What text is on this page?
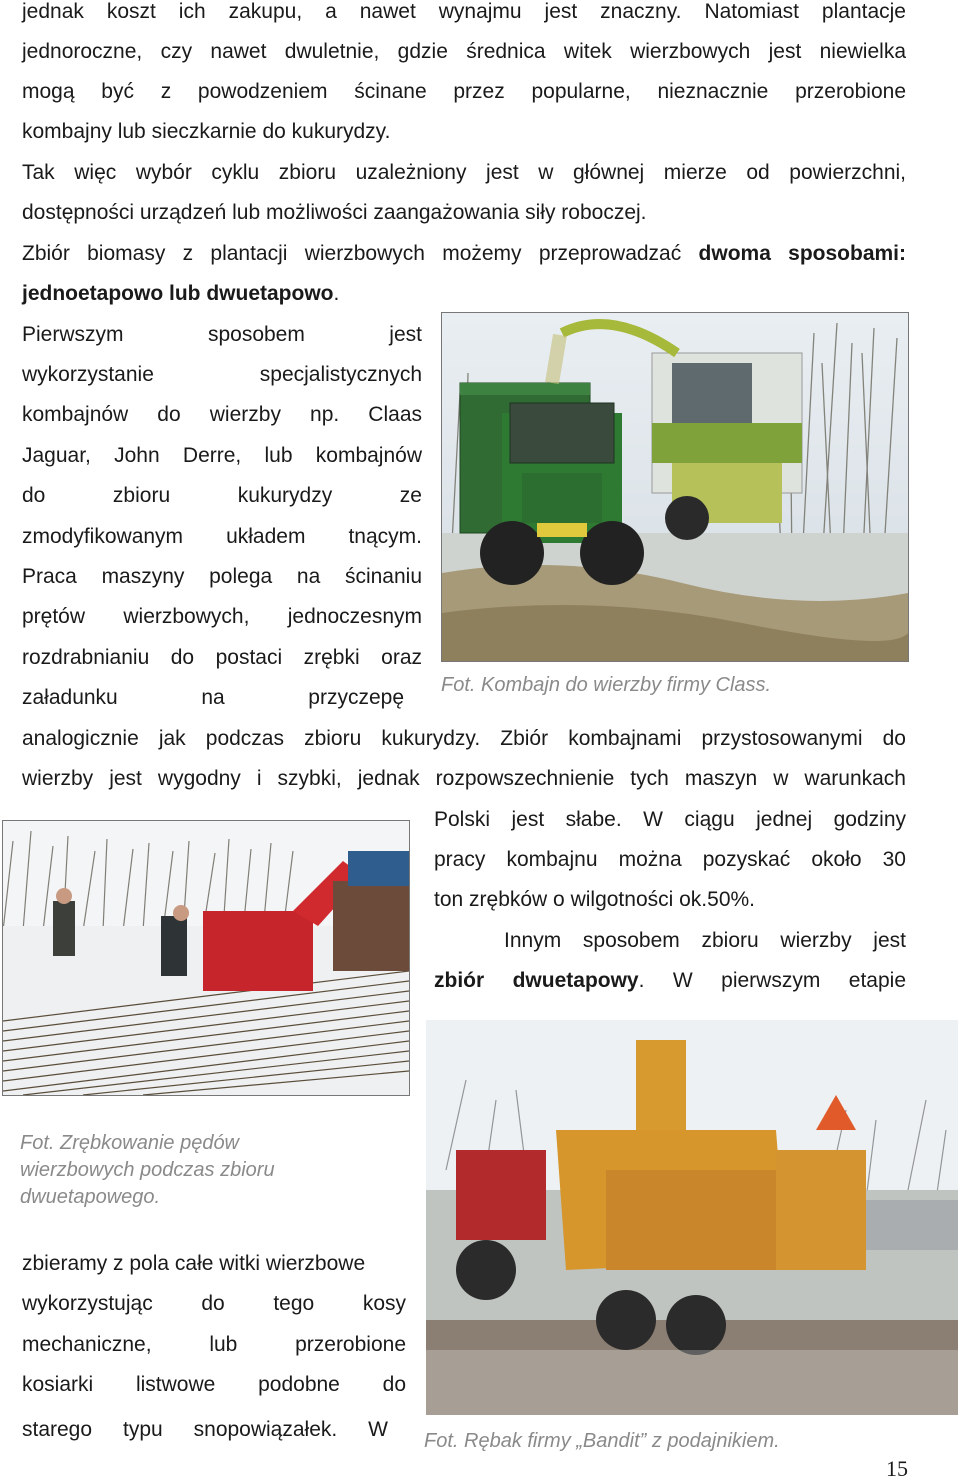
jednak koszt ich zakupu, a nawet wynajmu jest znaczny. Natomiast plantacje
jednoroczne, czy nawet dwuletnie, gdzie średnica witek wierzbowych jest niewielka
mogą być z powodzeniem ścinane przez popularne, nieznacznie przerobione
kombajny lub sieczkarnie do kukurydzy.
Tak więc wybór cyklu zbioru uzależniony jest w głównej mierze od powierzchni,
dostępności urządzeń lub możliwości zaangażowania siły roboczej.
Zbiór biomasy z plantacji wierzbowych możemy przeprowadzać dwoma sposobami:
jednoetapowo lub dwuetapowo.
Pierwszym sposobem jest
wykorzystanie specjalistycznych
kombajnów do wierzby np. Claas
Jaguar, John Derre, lub kombajnów
do zbioru kukurydzy ze
zmodyfikowanym układem tnącym.
Praca maszyny polega na ścinaniu
prętów wierzbowych, jednoczesnym
rozdrabnianiu do postaci zrębki oraz
załadunku na przyczepę
Fot. Kombajn do wierzby firmy Class.
analogicznie jak podczas zbioru kukurydzy. Zbiór kombajnami przystosowanymi do
wierzby jest wygodny i szybki, jednak rozpowszechnienie tych maszyn w warunkach
Polski jest słabe. W ciągu jednej godziny
pracy kombajnu można pozyskać około 30
ton zrębków o wilgotności ok.50%.
Innym sposobem zbioru wierzby jest
zbiór dwuetapowy. W pierwszym etapie
Fot. Zrębkowanie pędów
wierzbowych podczas zbioru
dwuetapowego.
zbieramy z pola całe witki wierzbowe
wykorzystując do tego kosy
mechaniczne, lub przerobione
kosiarki listwowe podobne do
starego typu snopowiązałek. W Fot. Rębak firmy „Bandit” z podajnikiem.
15
